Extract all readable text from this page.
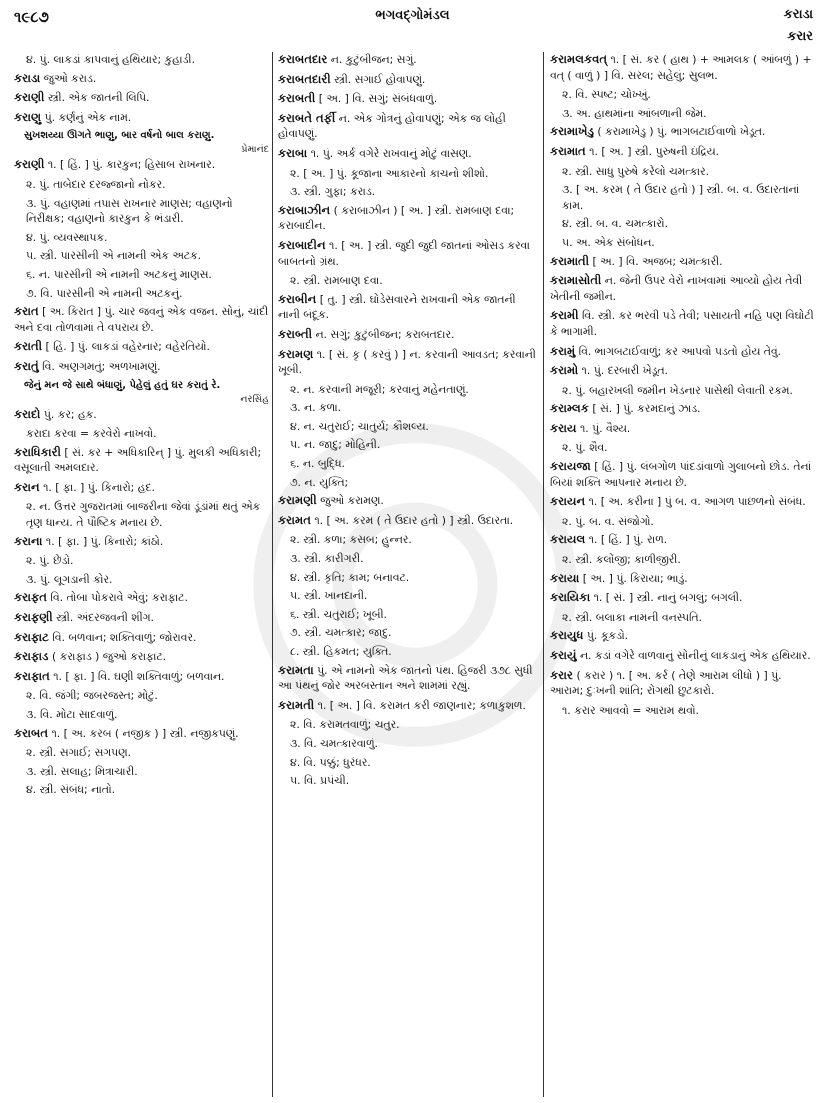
૧૯૮૭	ભગવદ્ગોમંડલ	કરાડા
કરાર
૪. પું. લાકડાં કાપવાનું હથિયાર; કુહાડી.
કરાડા જુઓ કરાડ.
કરાણી સ્ત્રી. એક જાતની લિપિ.
કરાણુ પું. કર્ણનું એક નામ.
સુખશય્યા ઊગતે ભાણુ, બાર વર્ષનો બાલ કરાણુ.
પ્રેમાનંદ
કરાણી ૧. [ હિં. ] પું. કારકુન; હિસાબ રાખનાર.
૨. પું. તાબેદાર દરજ્જાનો નોકર.
૩. પું. વહાણમાં તપાસ રાખનાર માણસ; વહાણનો નિરીક્ષક; વહાણનો કારકુન કે ભંડારી.
૪. પું. વ્યવસ્થાપક.
૫. સ્ત્રી. પારસીની એ નામની એક અટક.
૬. ન. પારસીની એ નામની અટકનું માણસ.
૭. વિ. પારસીની એ નામની અટકનું.
કરાત [ અ. કિરાત ] પું. ચાર જવનું એક વજન. સોનું, ચાંદી અને દવા તોળવામાં તે વપરાય છે.
કરાતી [ હિં. ] પું. લાકડાં વહેરનાર; વહેરતિયો.
કરાતું વિ. અણગમતું; અળખામણું.
જેનું મન જે સાથે બંધાણું, પેહેલું હતું ઘર કરાતું રે.
નરસિંહ
કરાદો પું. કર; હક.
કરાદા કરવા = કરવેરો નાખવો.
કરાધિકારી [ સં. કર + અધિકારિન્ ] પું. મુલકી અધિકારી; વસૂલાતી અમલદાર.
કરાન ૧. [ ફા. ] પું. કિનારો; હદ.
૨. ન. ઉત્તર ગુજરાતમાં બાજરીના જેવાં ડૂંડાંમાં થતું એક તૃણ ધાન્ય. તે પૌષ્ટિક મનાય છે.
કરાના ૧. [ ફા. ] પું. કિનારો; કાંઠો.
૨. પું. છેડો.
૩. પું. લૂગડાની કોર.
કરાફત વિ. તોબા પોકરાવે એવું; કરાફાટ.
કરાફણી સ્ત્રી. અંદરજવની શીંગ.
કરાફાટ વિ. બળવાન; શક્તિવાળું; જોરાવર.
કરાફાડ ( કરાફાડ ) જુઓ કરાફાટ.
કરાફાત ૧. [ ફા. ] વિ. ઘણી શક્તિવાળું; બળવાન.
૨. વિ. જંગી; જબરજસ્ત; મોટું.
૩. વિ. મોટા સાદવાળું.
કરાબત ૧. [ અ. કરબ ( નજીક ) ] સ્ત્રી. નજીકપણું.
૨. સ્ત્રી. સગાઈ; સગપણ.
૩. સ્ત્રી. સલાહ; મિત્રાચારી.
૪. સ્ત્રી. સંબંધ; નાતો.
કરાબતદાર ન. કુટુંબીજન; સગું.
કરાબતદારી સ્ત્રી. સગાઈ હોવાપણું.
કરાબતી [ અ. ] વિ. સગું; સંબંધવાળું.
કરાબતે તર્ફી ન. એક ગોત્રનું હોવાપણું; એક જ લોહી હોવાપણું.
કરાબા ૧. પું. અર્ક વગેરે રાખવાનું મોટું વાસણ.
૨. [ અ. ] પું. કૂજાના આકારનો કાચનો શીશો.
૩. સ્ત્રી. ગુફા; કરાડ.
કરાબાઝીન ( કરાબાઝીન ) [ અ. ] સ્ત્રી. રામબાણ દવા; કરાબાદીન.
કરાબાદીન ૧. [ અ. ] સ્ત્રી. જુદી જુદી જાતનાં ઓસડ કરવા બાબતનો ગ્રંથ.
૨. સ્ત્રી. રામબાણ દવા.
કરાબીન [ તુ. ] સ્ત્રી. ઘોડેસવારને રાખવાની એક જાતની નાની બંદૂક.
કરાબ્તી ન. સગું; કુટુંબીજન; કરાબતદાર.
કરામણ ૧. [ સં. કૃ ( કરવું ) ] ન. કરવાની આવડત; કરવાની ખૂબી.
૨. ન. કરવાની મજૂરી; કરવાનું મહેનતાણું.
૩. ન. કળા.
૪. ન. ચતુરાઈ; ચાતુર્ય; કૌશલ્ય.
૫. ન. જાદુ; મોહિની.
૬. ન. બુદ્ધિ.
૭. ન. યુક્તિ;
કરામણી જુઓ કરામણ.
કરામત ૧. [ અ. કરમ ( તે ઉદાર હતો ) ] સ્ત્રી. ઉદારતા.
૨. સ્ત્રી. કળા; કસબ; હુન્નર.
૩. સ્ત્રી. કારીગરી.
૪. સ્ત્રી. કૃતિ; કામ; બનાવટ.
૫. સ્ત્રી. ખાનદાની.
૬. સ્ત્રી. ચતુરાઈ; ખૂબી.
૭. સ્ત્રી. ચમત્કાર; જાદુ.
૮. સ્ત્રી. હિકમત; યુક્તિ.
કરામતા પું. એ નામનો એક જાતનો પંથ. હિજરી ૩૭૮ સુધી આ પંથનું જોર અરબસ્તાન અને શામમાં રહ્યું.
કરામતી ૧. [ અ. ] વિ. કરામત કરી જાણનાર; કળાકુશળ.
૨. વિ. કરામતવાળું; ચતુર.
૩. વિ. ચમત્કારવાળું.
૪. વિ. પક્કું; ધુરંધર.
૫. વિ. પ્રપંચી.
કરામલકવત્ ૧. [ સં. કર ( હાથ ) + આમલક ( આંબળું ) + વત્ ( વાળું ) ] વિ. સરલ; સહેલું; સુલભ.
૨. વિ. સ્પષ્ટ; ચોખ્ખું.
૩. અ. હાથમાંના આંબળાની જેમ.
કરામાખેડુ ( કરામાખેડુ ) પું. ભાગબટાઈવાળો ખેડૂત.
કરામાત ૧. [ અ. ] સ્ત્રી. પુરુષની ઇંદ્રિય.
૨. સ્ત્રી. સાધુ પુરુષે કરેલો ચમત્કાર.
૩. [ અ. કરમ ( તે ઉદાર હતો ) ] સ્ત્રી. બ. વ. ઉદારતાનાં કામ.
૪. સ્ત્રી. બ. વ. ચમત્કારો.
૫. અ. એક સંબોધન.
કરામાતી [ અ. ] વિ. અજબ; ચમત્કારી.
કરામાસોતી ન. જેની ઉપર વેરો નાખવામાં આવ્યો હોય તેવી ખેતીની જમીન.
કરામી વિ. સ્ત્રી. કર ભરવી પડે તેવી; પસાયતી નહિ પણ વિઘોટી કે ભાગામી.
કરામું વિ. ભાગબટાઈવાળું; કર આપવો પડતો હોય તેવું.
કરામો ૧. પું. દરબારી ખેડૂત.
૨. પું. બહારખલી જમીન ખેડનાર પાસેથી લેવાતી રકમ.
કરામ્લક [ સં. ] પું. કરમદાનું ઝાડ.
કરાય ૧. પું. વૈશ્ય.
૨. પું. શૈવ.
કરાયજા [ હિં. ] પું. લંબગોળ પાંદડાંવાળો ગુલાબનો છોડ. તેનાં બિયાં શક્તિ આપનાર મનાય છે.
કરાયન ૧. [ અ. કરીના ] પું બ. વ. આગળ પાછળનો સંબંધ.
૨. પું. બ. વ. સંજોગો.
કરાયલ ૧. [ હિં. ] પું. રાળ.
૨. સ્ત્રી. કલોંજી; કાળીજીરી.
કરાયા [ અ. ] પું. કિરાયા; ભાડું.
કરાયિકા ૧. [ સં. ] સ્ત્રી. નાનું બગલું; બગલી.
૨. સ્ત્રી. બલાકા નામની વનસ્પતિ.
કરાયુધ પું. કૂકડો.
કરાયું ન. કડાં વગેરે વાળવાનું સોનીનું લાકડાનું એક હથિયાર.
કરાર ( કરાર ) ૧. [ અ. કર્ર ( તેણે આરામ લીધો ) ] પું. આરામ; દુઃખની શાંતિ; રોગથી છુટકારો.
૧. કરાર આવવો = આરામ થવો.
